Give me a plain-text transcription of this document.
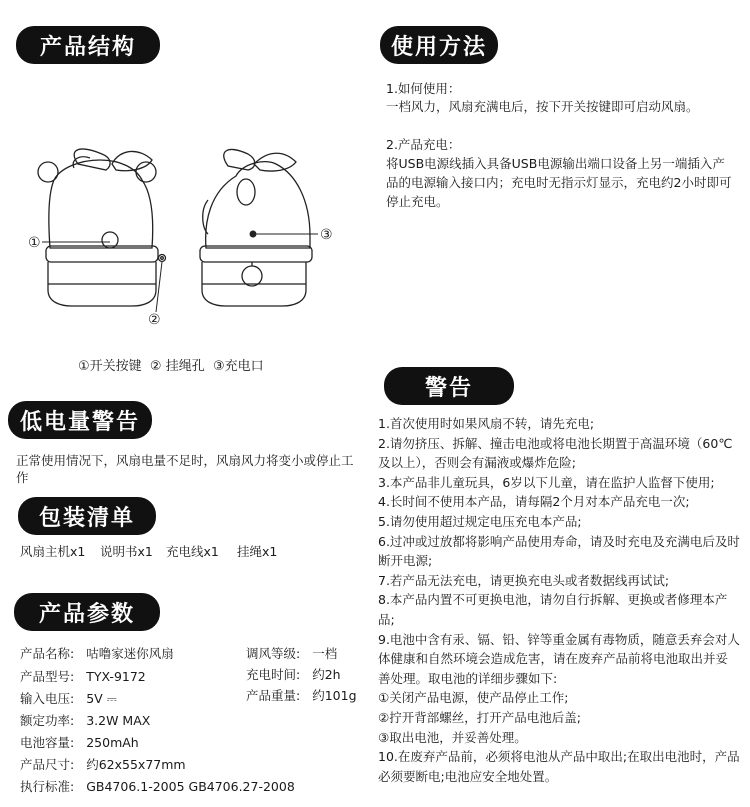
产品结构	使用方法
低电量警告
包装清单
产品参数
警告
①	③
②
①开关按键  ② 挂绳孔  ③充电口
1.如何使用：
一档风力，风扇充满电后，按下开关按键即可启动风扇。
2.产品充电：
将USB电源线插入具备USB电源输出端口设备上另一端插入产品的电源输入接口内；充电时无指示灯显示，充电约2小时即可停止充电。
正常使用情况下，风扇电量不足时，风扇风力将变小或停止工作
风扇主机x1 说明书x1 充电线x1 挂绳x1
产品名称: 咕噜家迷你风扇
产品型号: TYX-9172
输入电压: 5V ⎓
额定功率: 3.2W MAX
电池容量: 250mAh
产品尺寸: 约62x55x77mm
执行标准: GB4706.1-2005 GB4706.27-2008
调风等级: 一档
充电时间: 约2h
产品重量: 约101g

1.首次使用时如果风扇不转，请先充电;

2.请勿挤压、拆解、撞击电池或将电池长期置于高温环境（60℃及以上），否则会有漏液或爆炸危险;

3.本产品非儿童玩具，6岁以下儿童，请在监护人监督下使用;

4.长时间不使用本产品，请每隔2个月对本产品充电一次;

5.请勿使用超过规定电压充电本产品;

6.过冲或过放都将影响产品使用寿命，请及时充电及充满电后及时断开电源;

7.若产品无法充电，请更换充电头或者数据线再试试;

8.本产品内置不可更换电池，请勿自行拆解、更换或者修理本产品;

9.电池中含有汞、镉、铅、锌等重金属有毒物质，随意丢弃会对人体健康和自然环境会造成危害，请在废弃产品前将电池取出并妥善处理。取电池的详细步骤如下:

①关闭产品电源，使产品停止工作;

②拧开背部螺丝，打开产品电池后盖;

③取出电池，并妥善处理。

10.在废弃产品前，必须将电池从产品中取出;在取出电池时，产品必须要断电;电池应安全地处置。
